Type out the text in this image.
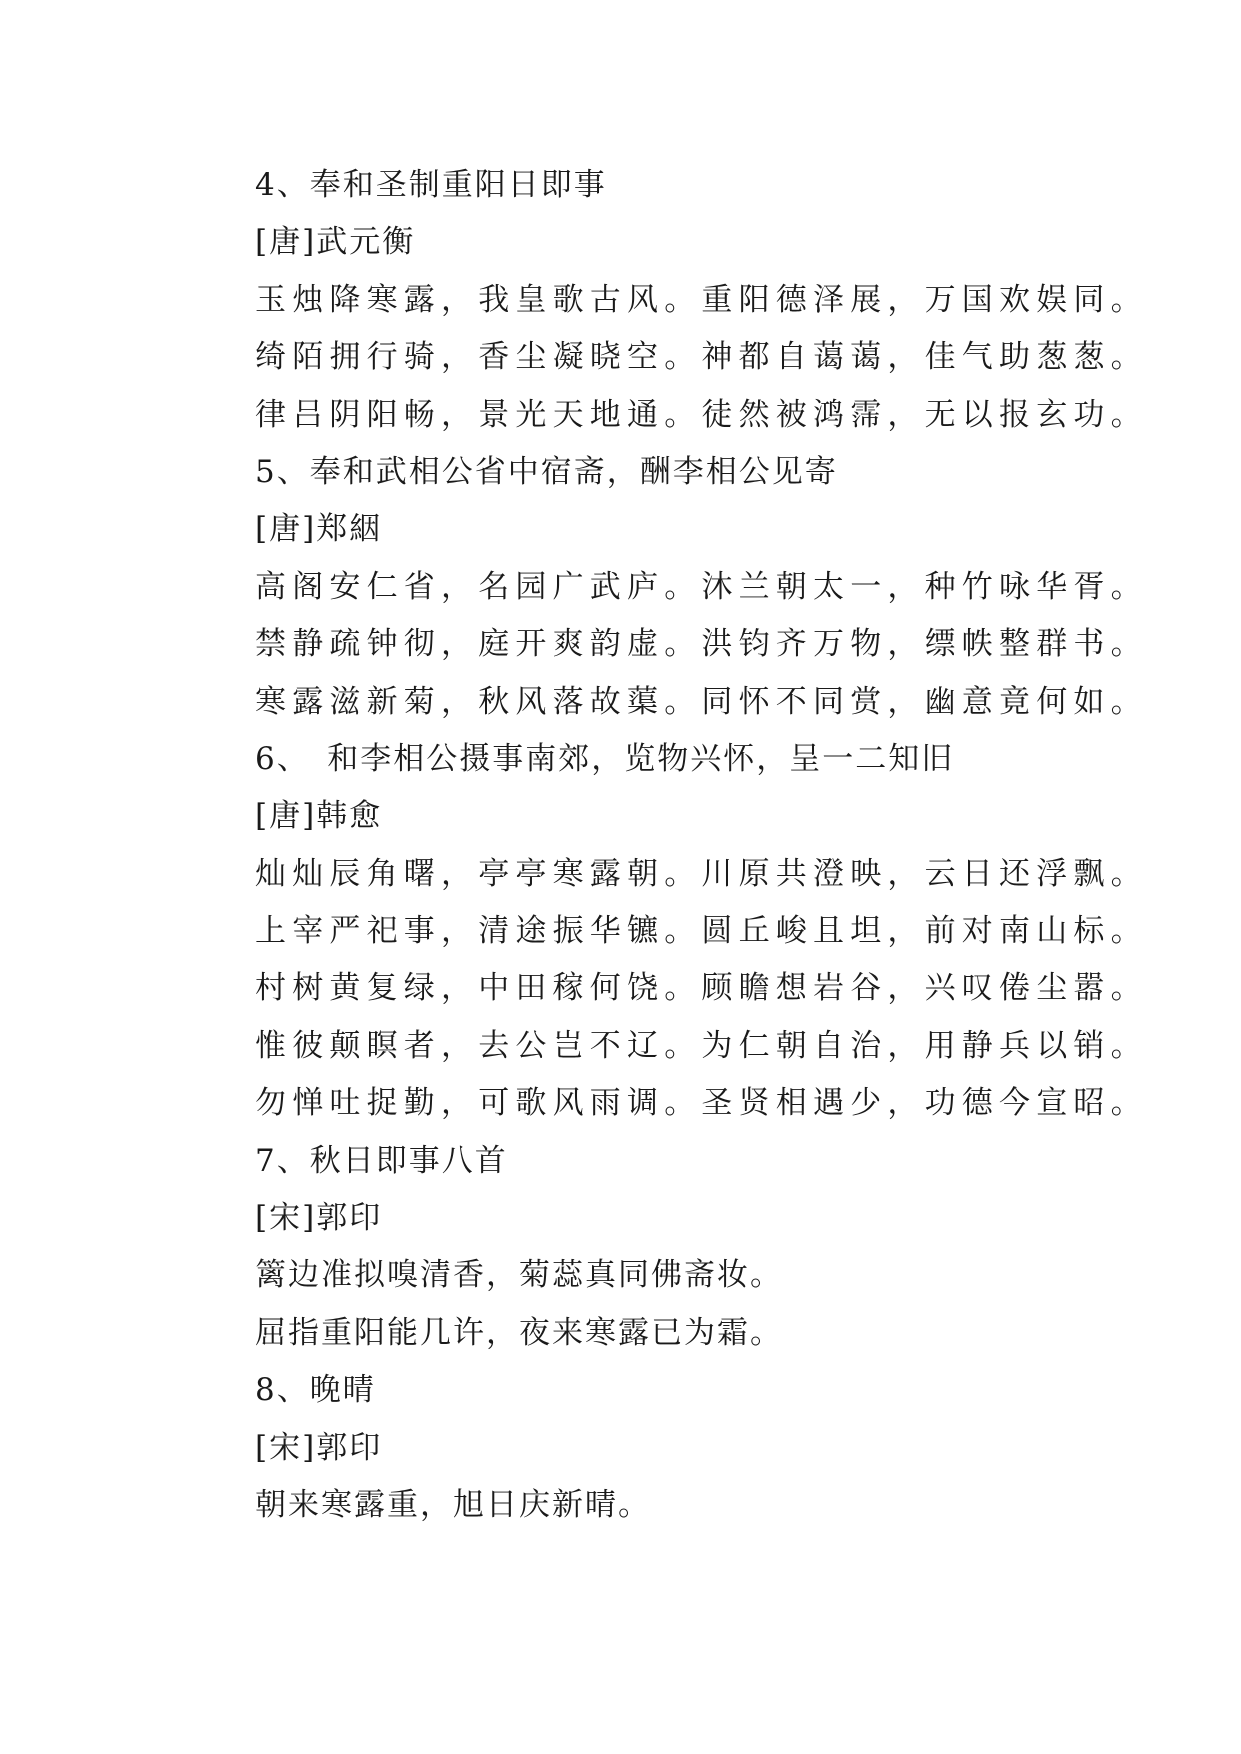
4、奉和圣制重阳日即事
[唐]武元衡
玉烛降寒露，我皇歌古风。重阳德泽展，万国欢娱同。
绮陌拥行骑，香尘凝晓空。神都自蔼蔼，佳气助葱葱。
律吕阴阳畅，景光天地通。徒然被鸿霈，无以报玄功。
5、奉和武相公省中宿斋，酬李相公见寄
[唐]郑絪
高阁安仁省，名园广武庐。沐兰朝太一，种竹咏华胥。
禁静疏钟彻，庭开爽韵虚。洪钧齐万物，缥帙整群书。
寒露滋新菊，秋风落故蕖。同怀不同赏，幽意竟何如。
6、　和李相公摄事南郊，览物兴怀，呈一二知旧
[唐]韩愈
灿灿辰角曙，亭亭寒露朝。川原共澄映，云日还浮飘。
上宰严祀事，清途振华镳。圆丘峻且坦，前对南山标。
村树黄复绿，中田稼何饶。顾瞻想岩谷，兴叹倦尘嚣。
惟彼颠瞑者，去公岂不辽。为仁朝自治，用静兵以销。
勿惮吐捉勤，可歌风雨调。圣贤相遇少，功德今宣昭。
7、秋日即事八首
[宋]郭印
篱边准拟嗅清香，菊蕊真同佛斋妆。
屈指重阳能几许，夜来寒露已为霜。
8、晚晴
[宋]郭印
朝来寒露重，旭日庆新晴。
